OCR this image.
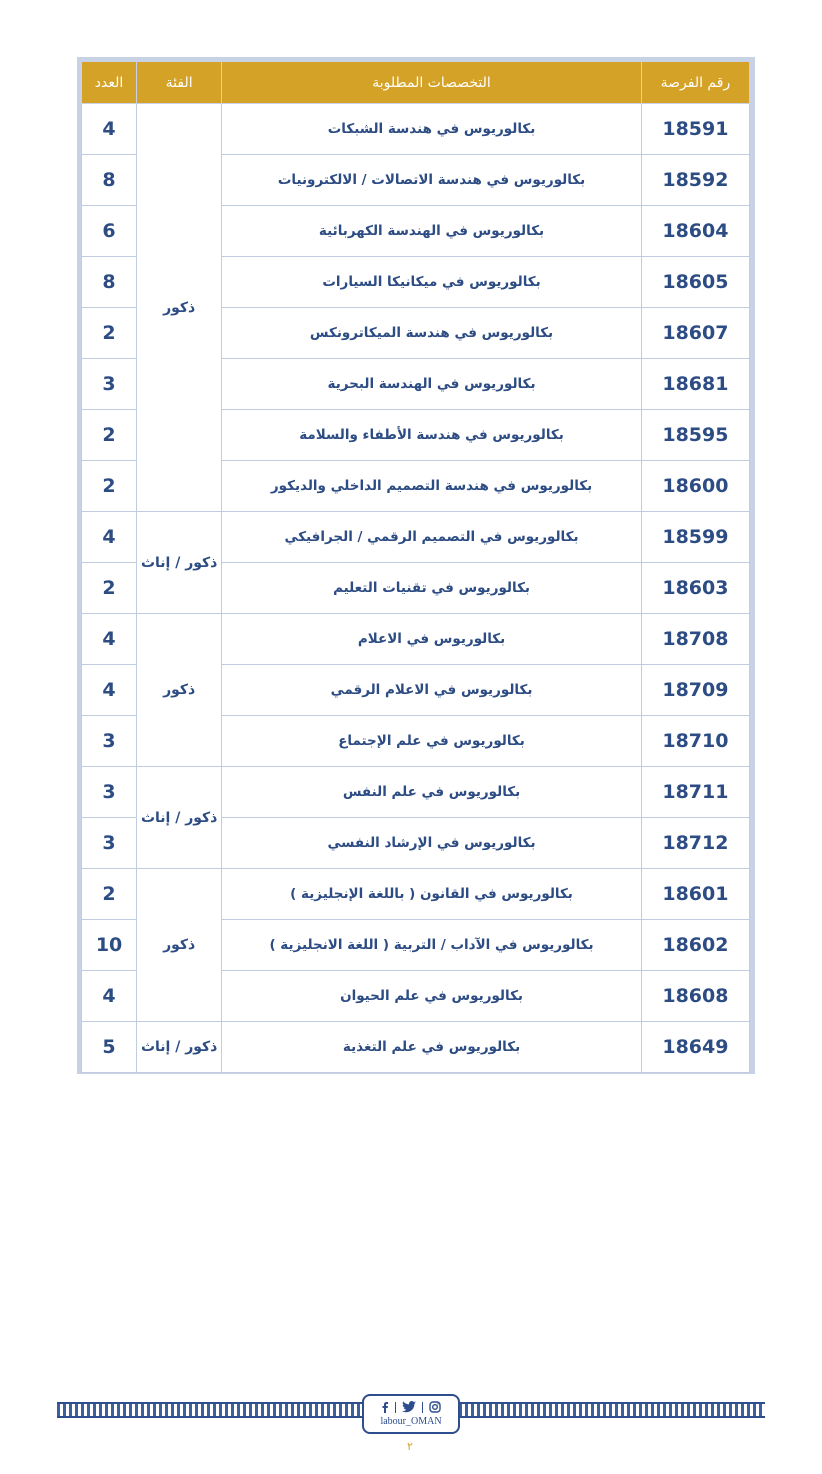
رقم الفرصة	التخصصات المطلوبة	الفئة	العدد
18591	بكالوريوس في هندسة الشبكات	ذكور	4
18592	بكالوريوس في هندسة الاتصالات / الالكترونيات		8
18604	بكالوريوس في الهندسة الكهربائية		6
18605	بكالوريوس في ميكانيكا السيارات		8
18607	بكالوريوس في هندسة الميكاترونكس		2
18681	بكالوريوس في الهندسة البحرية		3
18595	بكالوريوس في هندسة الأطفاء والسلامة		2
18600	بكالوريوس في هندسة التصميم الداخلي والديكور		2
18599	بكالوريوس في التصميم الرقمي / الجرافيكي	ذكور / إناث	4
18603	بكالوريوس في تقنيات التعليم		2
18708	بكالوريوس في الاعلام	ذكور	4
18709	بكالوريوس في الاعلام الرقمي		4
18710	بكالوريوس في علم الإجتماع		3
18711	بكالوريوس في علم النفس	ذكور / إناث	3
18712	بكالوريوس في الإرشاد النفسي		3
18601	بكالوريوس في القانون ( باللغة الإنجليزية )	ذكور	2
18602	بكالوريوس في الآداب / التربية ( اللغة الانجليزية )		10
18608	بكالوريوس في علم الحيوان		4
18649	بكالوريوس في علم التغذية	ذكور / إناث	5
labour_OMAN
٢
